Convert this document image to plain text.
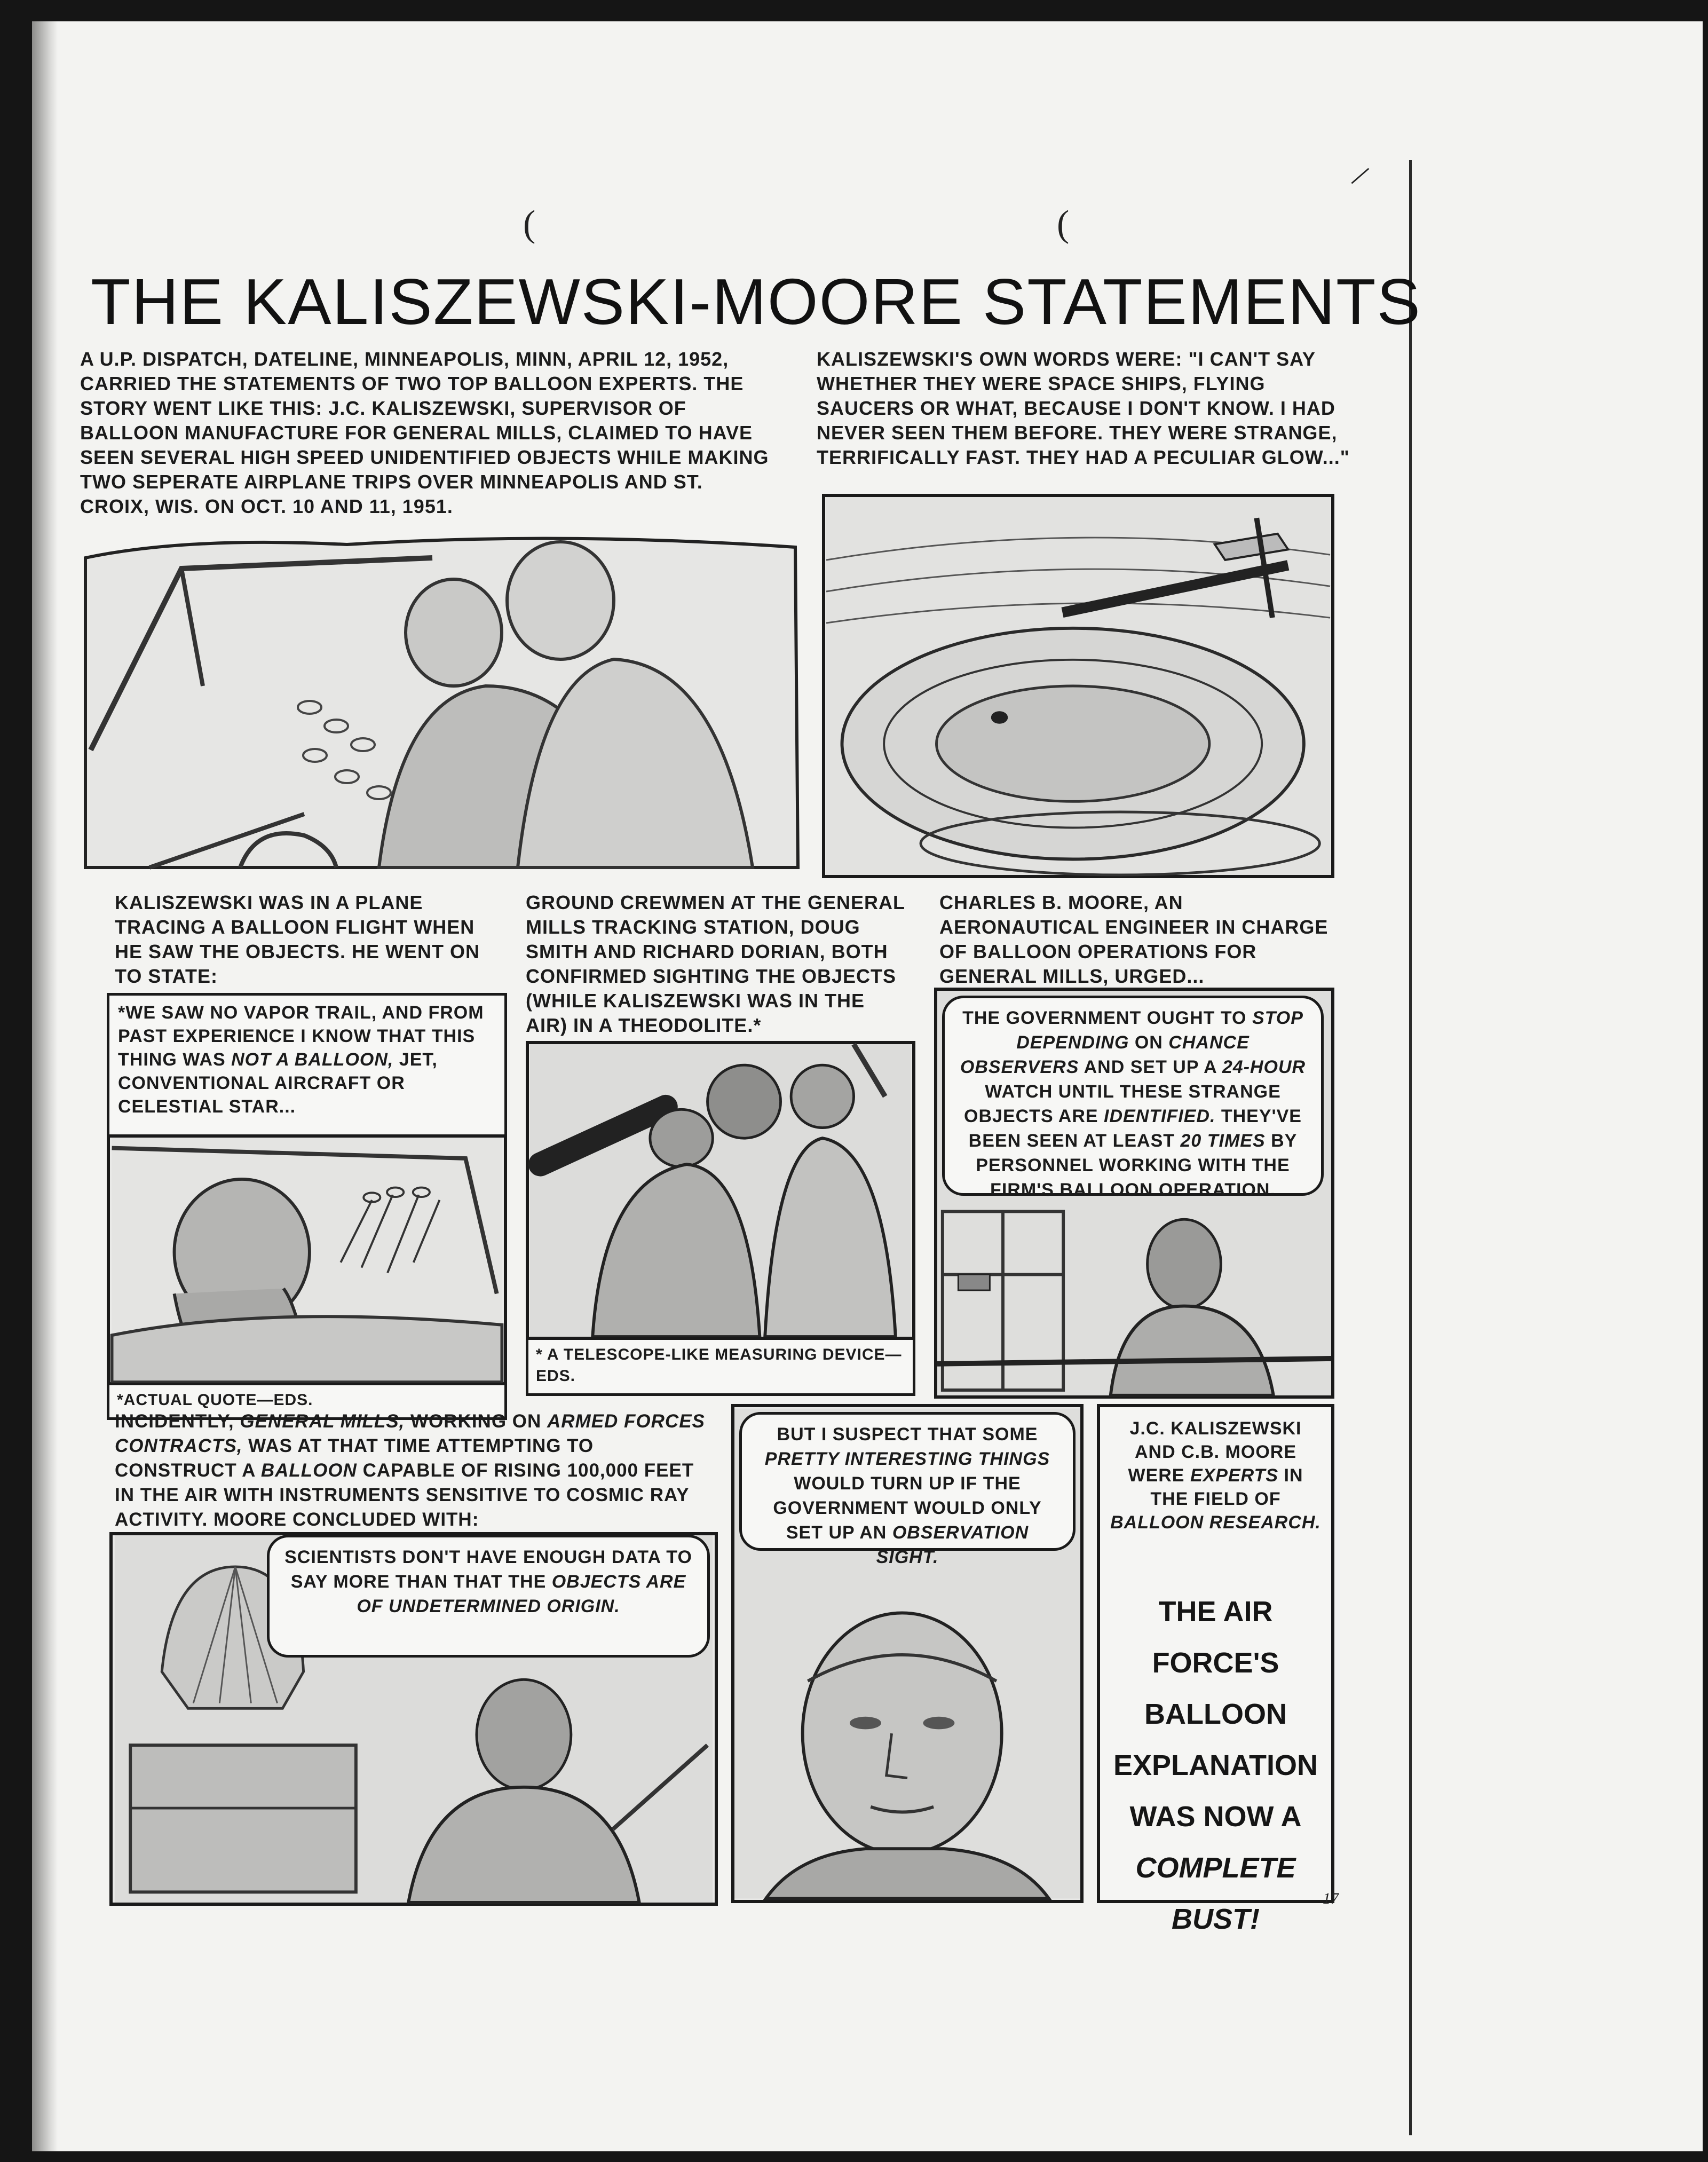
(	(
/
THE KALISZEWSKI-MOORE STATEMENTS
A U.P. DISPATCH, DATELINE, MINNEAPOLIS, MINN, APRIL 12, 1952, CARRIED THE STATEMENTS OF TWO TOP BALLOON EXPERTS. THE STORY WENT LIKE THIS: J.C. KALISZEWSKI, SUPERVISOR OF BALLOON MANUFACTURE FOR GENERAL MILLS, CLAIMED TO HAVE SEEN SEVERAL HIGH SPEED UNIDENTIFIED OBJECTS WHILE MAKING TWO SEPERATE AIRPLANE TRIPS OVER MINNEAPOLIS AND ST. CROIX, WIS. ON OCT. 10 AND 11, 1951.
KALISZEWSKI'S OWN WORDS WERE: "I CAN'T SAY WHETHER THEY WERE SPACE SHIPS, FLYING SAUCERS OR WHAT, BECAUSE I DON'T KNOW. I HAD NEVER SEEN THEM BEFORE. THEY WERE STRANGE, TERRIFICALLY FAST. THEY HAD A PECULIAR GLOW..."
KALISZEWSKI WAS IN A PLANE TRACING A BALLOON FLIGHT WHEN HE SAW THE OBJECTS. HE WENT ON TO STATE:
GROUND CREWMEN AT THE GENERAL MILLS TRACKING STATION, DOUG SMITH AND RICHARD DORIAN, BOTH CONFIRMED SIGHTING THE OBJECTS (WHILE KALISZEWSKI WAS IN THE AIR) IN A THEODOLITE.*
CHARLES B. MOORE, AN AERONAUTICAL ENGINEER IN CHARGE OF BALLOON OPERATIONS FOR GENERAL MILLS, URGED...
*WE SAW NO VAPOR TRAIL, AND FROM PAST EXPERIENCE I KNOW THAT THIS THING WAS NOT A BALLOON, JET, CONVENTIONAL AIRCRAFT OR CELESTIAL STAR...
*ACTUAL QUOTE—EDS.
* A TELESCOPE-LIKE MEASURING DEVICE—EDS.
THE GOVERNMENT OUGHT TO STOP DEPENDING ON CHANCE OBSERVERS AND SET UP A 24-HOUR WATCH UNTIL THESE STRANGE OBJECTS ARE IDENTIFIED. THEY'VE BEEN SEEN AT LEAST 20 TIMES BY PERSONNEL WORKING WITH THE FIRM'S BALLOON OPERATION.
INCIDENTLY, GENERAL MILLS, WORKING ON ARMED FORCES CONTRACTS, WAS AT THAT TIME ATTEMPTING TO CONSTRUCT A BALLOON CAPABLE OF RISING 100,000 FEET IN THE AIR WITH INSTRUMENTS SENSITIVE TO COSMIC RAY ACTIVITY. MOORE CONCLUDED WITH:
SCIENTISTS DON'T HAVE ENOUGH DATA TO SAY MORE THAN THAT THE OBJECTS ARE OF UNDETERMINED ORIGIN.
BUT I SUSPECT THAT SOME PRETTY INTERESTING THINGS WOULD TURN UP IF THE GOVERNMENT WOULD ONLY SET UP AN OBSERVATION SIGHT.
J.C. KALISZEWSKI AND C.B. MOORE WERE EXPERTS IN THE FIELD OF BALLOON RESEARCH.
THE AIR FORCE'S BALLOON EXPLANATION WAS NOW A
COMPLETE BUST!
17
